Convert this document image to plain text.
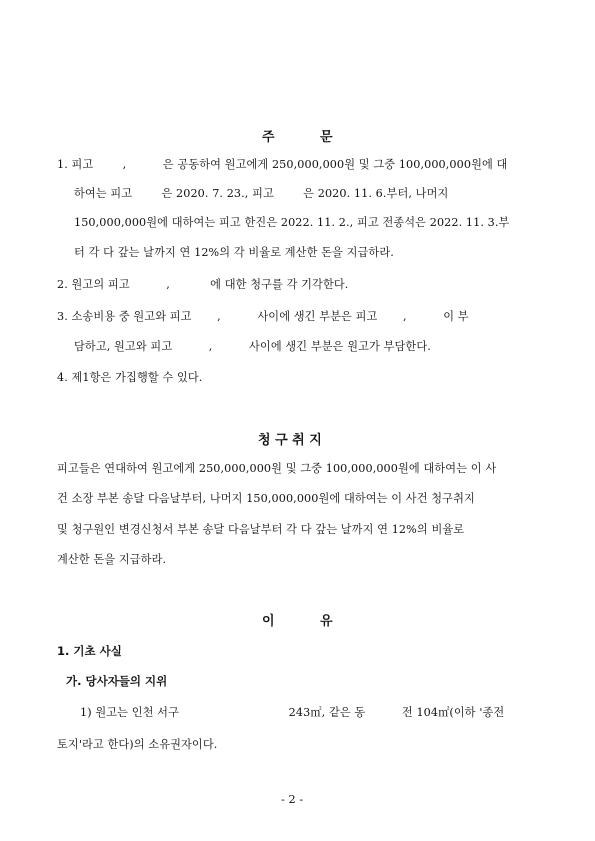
주	문
1. 피고        ,          은 공동하여 원고에게 250,000,000원 및 그중 100,000,000원에 대
하여는 피고        은 2020. 7. 23., 피고        은 2020. 11. 6.부터, 나머지
150,000,000원에 대하여는 피고 한진은 2022. 11. 2., 피고 전종석은 2022. 11. 3.부
터 각 다 갚는 날까지 연 12%의 각 비율로 계산한 돈을 지급하라.
2. 원고의 피고          ,           에 대한 청구를 각 기각한다.
3. 소송비용 중 원고와 피고       ,          사이에 생긴 부분은 피고       ,          이 부
담하고, 원고와 피고          ,          사이에 생긴 부분은 원고가 부담한다.
4. 제1항은 가집행할 수 있다.
청 구 취 지
피고들은 연대하여 원고에게 250,000,000원 및 그중 100,000,000원에 대하여는 이 사
건 소장 부본 송달 다음날부터, 나머지 150,000,000원에 대하여는 이 사건 청구취지
및 청구원인 변경신청서 부본 송달 다음날부터 각 다 갚는 날까지 연 12%의 비율로
계산한 돈을 지급하라.
이	유
1. 기초 사실
가. 당사자들의 지위
1) 원고는 인천 서구                              243㎡, 같은 동          전 104㎡(이하 '종전
토지'라고 한다)의 소유권자이다.
- 2 -
